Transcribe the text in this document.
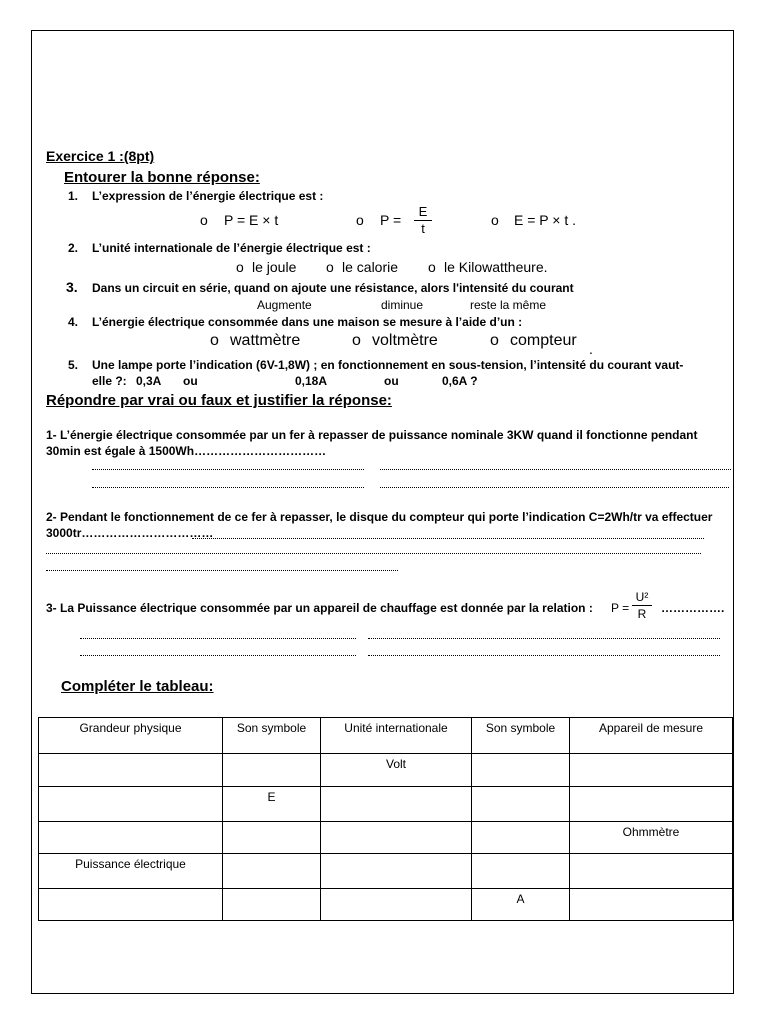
Exercice 1 :(8pt)
Entourer la bonne réponse:
1. L’expression de l’énergie électrique est :
o P = E × t	o P =
E
t
o E = P × t .
2. L’unité internationale de l’énergie électrique est :
o le joule o le calorie o le Kilowattheure.
3. Dans un circuit en série, quand on ajoute une résistance, alors l'intensité du courant
Augmente	diminue	reste la même
4. L’énergie électrique consommée dans une maison se mesure à l’aide d’un :
o wattmètre	o voltmètre	o compteur .
5. Une lampe porte l’indication (6V-1,8W) ; en fonctionnement en sous-tension, l’intensité du courant vaut-
elle ?: 0,3A ou	0,18A	ou	0,6A ?
Répondre par vrai ou faux et justifier la réponse:
1- L’énergie électrique consommée par un fer à repasser de puissance nominale 3KW quand il fonctionne pendant
30min est égale à 1500Wh……………………………
2- Pendant le fonctionnement de ce fer à repasser, le disque du compteur qui porte l’indication C=2Wh/tr va effectuer
3000tr……………………………
3- La Puissance électrique consommée par un appareil de chauffage est donnée par la relation : P =
U²
R	…………….
Compléter le tableau:
Grandeur physique	Son symbole	Unité internationale	Son symbole	Appareil de mesure
		Volt		
	E			
				Ohmmètre
Puissance électrique				
			A	
